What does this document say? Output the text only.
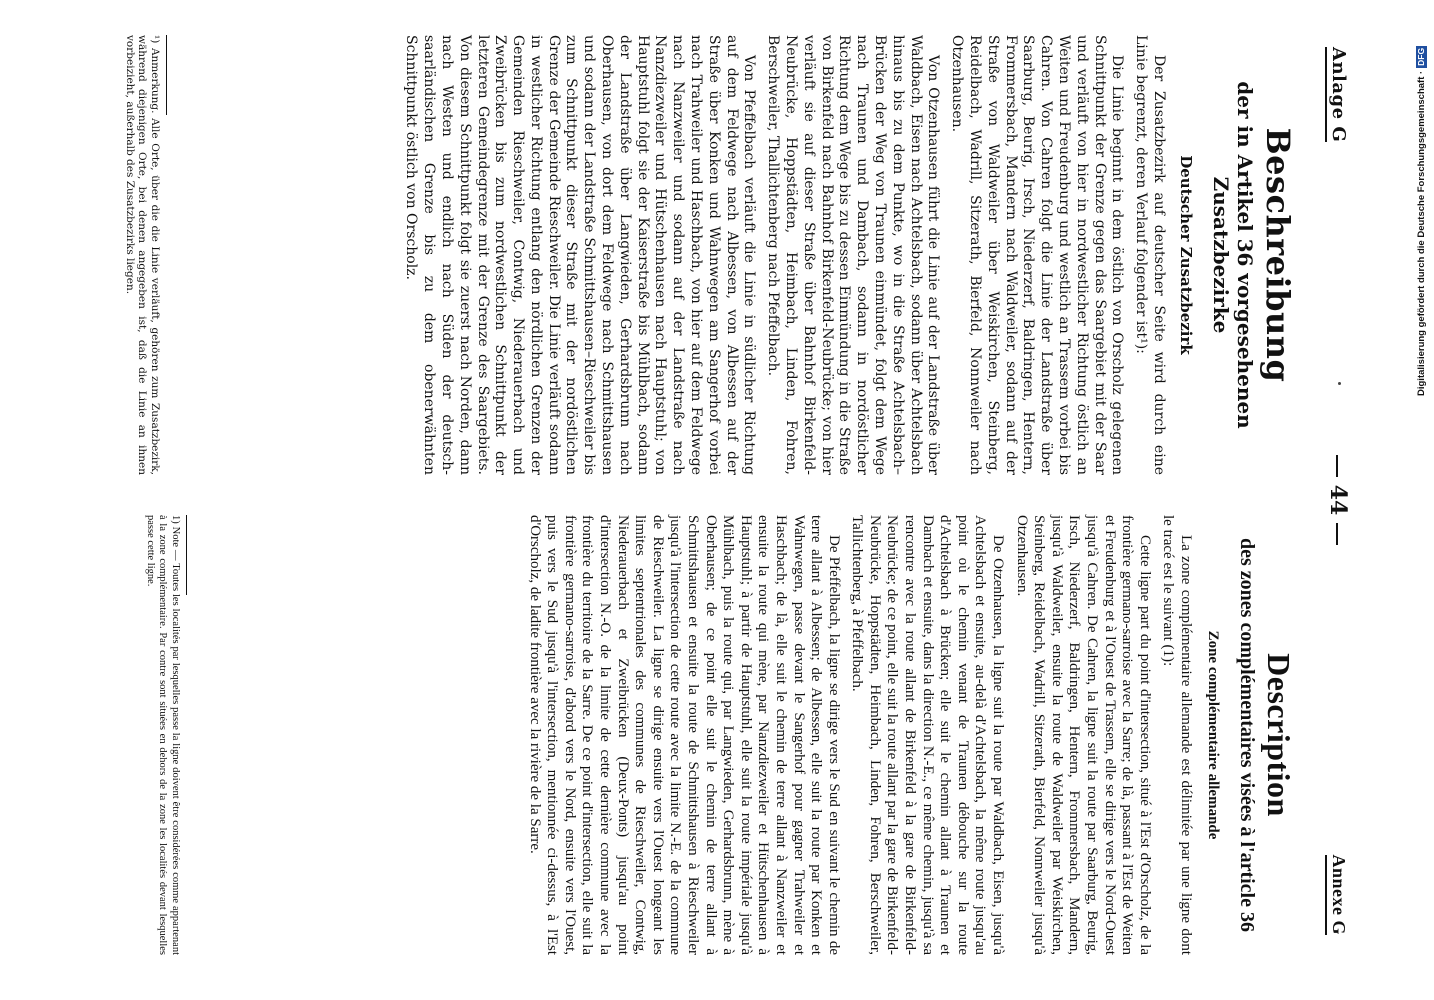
Anlage G
44
Annexe G
Beschreibung
der in Artikel 36 vorgesehenen Zusatzbezirke
Deutscher Zusatzbezirk

Der Zusatzbezirk auf deutscher Seite wird durch eine Linie begrenzt, deren Verlauf folgender ist¹):

Die Linie beginnt in dem östlich von Orscholz gelegenen Schnittpunkt der Grenze gegen das Saargebiet mit der Saar und verläuft von hier in nordwestlicher Richtung östlich an Weiten und Freudenburg und westlich an Trassem vorbei bis Cahren. Von Cahren folgt die Linie der Landstraße über Saarburg, Beurig, Irsch, Niederzerf, Baldringen, Hentern, Frommersbach, Mandern nach Waldweiler, sodann auf der Straße von Waldweiler über Weiskirchen, Steinberg, Reidelbach, Wadrill, Sitzerath, Bierfeld, Nonnweiler nach Otzenhausen.

Von Otzenhausen führt die Linie auf der Landstraße über Waldbach, Eisen nach Achtelsbach, sodann über Achtelsbach hinaus bis zu dem Punkte, wo in die Straße Achtelsbach–Brücken der Weg von Traunen einmündet, folgt dem Wege nach Traunen und Dambach, sodann in nordöstlicher Richtung dem Wege bis zu dessen Einmündung in die Straße von Birkenfeld nach Bahnhof Birkenfeld-Neubrücke; von hier verläuft sie auf dieser Straße über Bahnhof Birkenfeld-Neubrücke, Hoppstädten, Heimbach, Linden, Fohren, Berschweiler, Thallichtenberg nach Pfeffelbach.

Von Pfeffelbach verläuft die Linie in südlicher Richtung auf dem Feldwege nach Albessen, von Albessen auf der Straße über Konken und Wahnwegen am Sangerhof vorbei nach Trahweiler und Haschbach, von hier auf dem Feldwege nach Nanzweiler und sodann auf der Landstraße nach Nanzdiezweiler und Hütschenhausen nach Hauptstuhl; von Hauptstuhl folgt sie der Kaiserstraße bis Mühlbach, sodann der Landstraße über Langwieden, Gerhardsbrunn nach Oberhausen, von dort dem Feldwege nach Schmittshausen und sodann der Landstraße Schmittshausen–Rieschweiler bis zum Schnittpunkt dieser Straße mit der nordöstlichen Grenze der Gemeinde Rieschweiler. Die Linie verläuft sodann in westlicher Richtung entlang den nördlichen Grenzen der Gemeinden Rieschweiler, Contwig, Niederauerbach und Zweibrücken bis zum nordwestlichen Schnittpunkt der letzteren Gemeindegrenze mit der Grenze des Saargebiets. Von diesem Schnittpunkt folgt sie zuerst nach Norden, dann nach Westen und endlich nach Süden der deutsch-saarländischen Grenze bis zu dem obenerwähnten Schnittpunkt östlich von Orscholz.

Description
des zones complémentaires visées à l'article 36
Zone complémentaire allemande

La zone complémentaire allemande est délimitée par une ligne dont le tracé est le suivant (1):

Cette ligne part du point d'intersection, situé à l'Est d'Orscholz, de la frontière germano-sarroise avec la Sarre; de là, passant à l'Est de Weiten et Freudenburg et à l'Ouest de Trassem, elle se dirige vers le Nord-Ouest jusqu'à Cahren. De Cahren, la ligne suit la route par Saarburg, Beurig, Irsch, Niederzerf, Baldringen, Hentern, Frommersbach, Mandern, jusqu'à Waldweiler, ensuite la route de Waldweiler par Weiskirchen, Steinberg, Reidelbach, Wadrill, Sitzerath, Bierfeld, Nonnweiler jusqu'à Otzenhausen.

De Otzenhausen, la ligne suit la route par Waldbach, Eisen, jusqu'à Achtelsbach et ensuite, au-delà d'Achtelsbach, la même route jusqu'au point où le chemin venant de Traunen débouche sur la route d'Achtelsbach à Brücken; elle suit le chemin allant à Traunen et Dambach et ensuite, dans la direction N.-E., ce même chemin, jusqu'à sa rencontre avec la route allant de Birkenfeld à la gare de Birkenfeld-Neubrücke; de ce point, elle suit la route allant par la gare de Birkenfeld-Neubrücke, Hoppstädten, Heimbach, Linden, Fohren, Berschweiler, Tallichtenberg, à Pfeffelbach.

De Pfeffelbach, la ligne se dirige vers le Sud en suivant le chemin de terre allant à Albessen; de Albessen, elle suit la route par Konken et Wahnwegen, passe devant le Sangerhof pour gagner Trahweiler et Haschbach; de là, elle suit le chemin de terre allant à Nanzweiler et ensuite la route qui mène, par Nanzdiezweiler et Hütschenhausen à Hauptstuhl; à partir de Hauptstuhl, elle suit la route impériale jusqu'à Mühlbach, puis la route qui, par Langwieden, Gerhardsbrunn, mène à Oberhausen; de ce point elle suit le chemin de terre allant à Schmittshausen et ensuite la route de Schmittshausen à Rieschweiler jusqu'à l'intersection de cette route avec la limite N.-E. de la commune de Rieschweiler. La ligne se dirige ensuite vers l'Ouest longeant les limites septentrionales des communes de Rieschweiler, Contwig, Niederauerbach et Zweibrücken (Deux-Ponts) jusqu'au point d'intersection N.-O. de la limite de cette dernière commune avec la frontière du territoire de la Sarre. De ce point d'intersection, elle suit la frontière germano-sarroise, d'abord vers le Nord, ensuite vers l'Ouest, puis vers le Sud jusqu'à l'intersection, mentionnée ci-dessus, à l'Est d'Orscholz, de ladite frontière avec la rivière de la Sarre.

¹) Anmerkung. Alle Orte, über die die Linie verläuft, gehören zum Zusatzbezirk, während diejenigen Orte, bei denen angegeben ist, daß die Linie an ihnen vorbeizieht, außerhalb des Zusatzbezirks liegen.
1) Note — Toutes les localités par lesquelles passe la ligne doivent être considérées comme appartenant à la zone complémentaire. Par contre sont situées en dehors de la zone les localités devant lesquelles passe cette ligne.
Digitalisierung gefördert durch die Deutsche Forschungsgemeinschaft ·DFG
